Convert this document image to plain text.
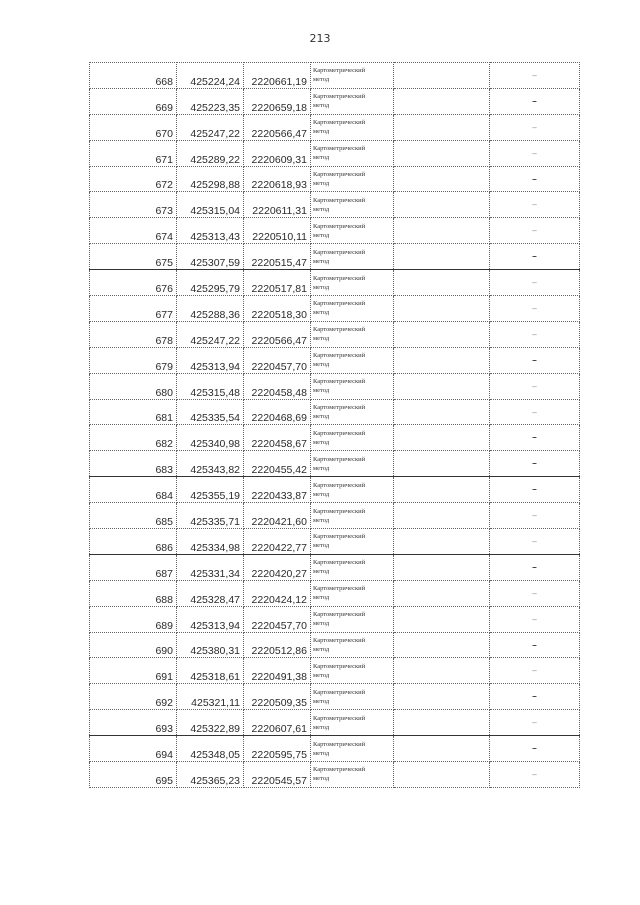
213
668	425224,24	2220661,19	Картометрический
метод		–
669	425223,35	2220659,18	Картометрический
метод		–
670	425247,22	2220566,47	Картометрический
метод		–
671	425289,22	2220609,31	Картометрический
метод		–
672	425298,88	2220618,93	Картометрический
метод		–
673	425315,04	2220611,31	Картометрический
метод		–
674	425313,43	2220510,11	Картометрический
метод		–
675	425307,59	2220515,47	Картометрический
метод		–
676	425295,79	2220517,81	Картометрический
метод		–
677	425288,36	2220518,30	Картометрический
метод		–
678	425247,22	2220566,47	Картометрический
метод		–
679	425313,94	2220457,70	Картометрический
метод		–
680	425315,48	2220458,48	Картометрический
метод		–
681	425335,54	2220468,69	Картометрический
метод		–
682	425340,98	2220458,67	Картометрический
метод		–
683	425343,82	2220455,42	Картометрический
метод		–
684	425355,19	2220433,87	Картометрический
метод		–
685	425335,71	2220421,60	Картометрический
метод		–
686	425334,98	2220422,77	Картометрический
метод		–
687	425331,34	2220420,27	Картометрический
метод		–
688	425328,47	2220424,12	Картометрический
метод		–
689	425313,94	2220457,70	Картометрический
метод		–
690	425380,31	2220512,86	Картометрический
метод		–
691	425318,61	2220491,38	Картометрический
метод		–
692	425321,11	2220509,35	Картометрический
метод		–
693	425322,89	2220607,61	Картометрический
метод		–
694	425348,05	2220595,75	Картометрический
метод		–
695	425365,23	2220545,57	Картометрический
метод		–
